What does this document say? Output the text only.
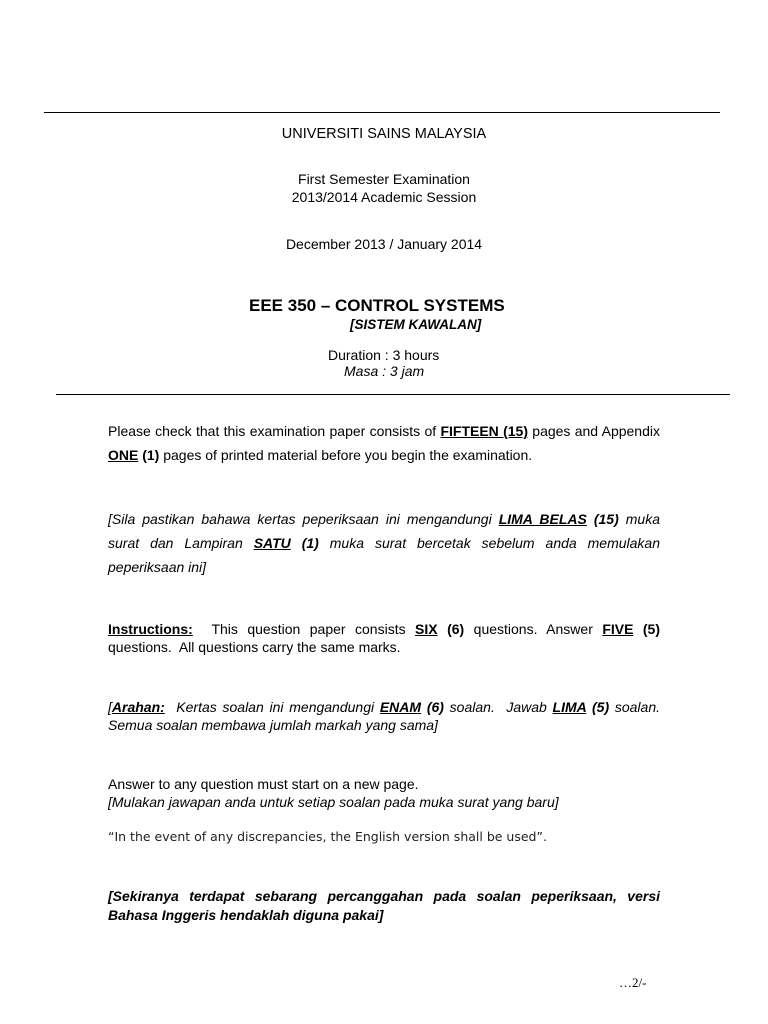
UNIVERSITI SAINS MALAYSIA
First Semester Examination
2013/2014 Academic Session
December 2013 / January 2014
EEE 350 – CONTROL SYSTEMS
[SISTEM KAWALAN]
Duration : 3 hours
Masa : 3 jam

Please check that this examination paper consists of FIFTEEN (15) pages and Appendix ONE (1) pages of printed material before you begin the examination.

[Sila pastikan bahawa kertas peperiksaan ini mengandungi LIMA BELAS (15) muka surat dan Lampiran SATU (1) muka surat bercetak sebelum anda memulakan peperiksaan ini]

Instructions:  This question paper consists SIX (6) questions. Answer FIVE (5) questions.  All questions carry the same marks.

[Arahan:  Kertas soalan ini mengandungi ENAM (6) soalan.  Jawab LIMA (5) soalan. Semua soalan membawa jumlah markah yang sama]

Answer to any question must start on a new page.

[Mulakan jawapan anda untuk setiap soalan pada muka surat yang baru]

“In the event of any discrepancies, the English version shall be used”.

[Sekiranya terdapat sebarang percanggahan pada soalan peperiksaan, versi Bahasa Inggeris hendaklah diguna pakai]

…2/-
